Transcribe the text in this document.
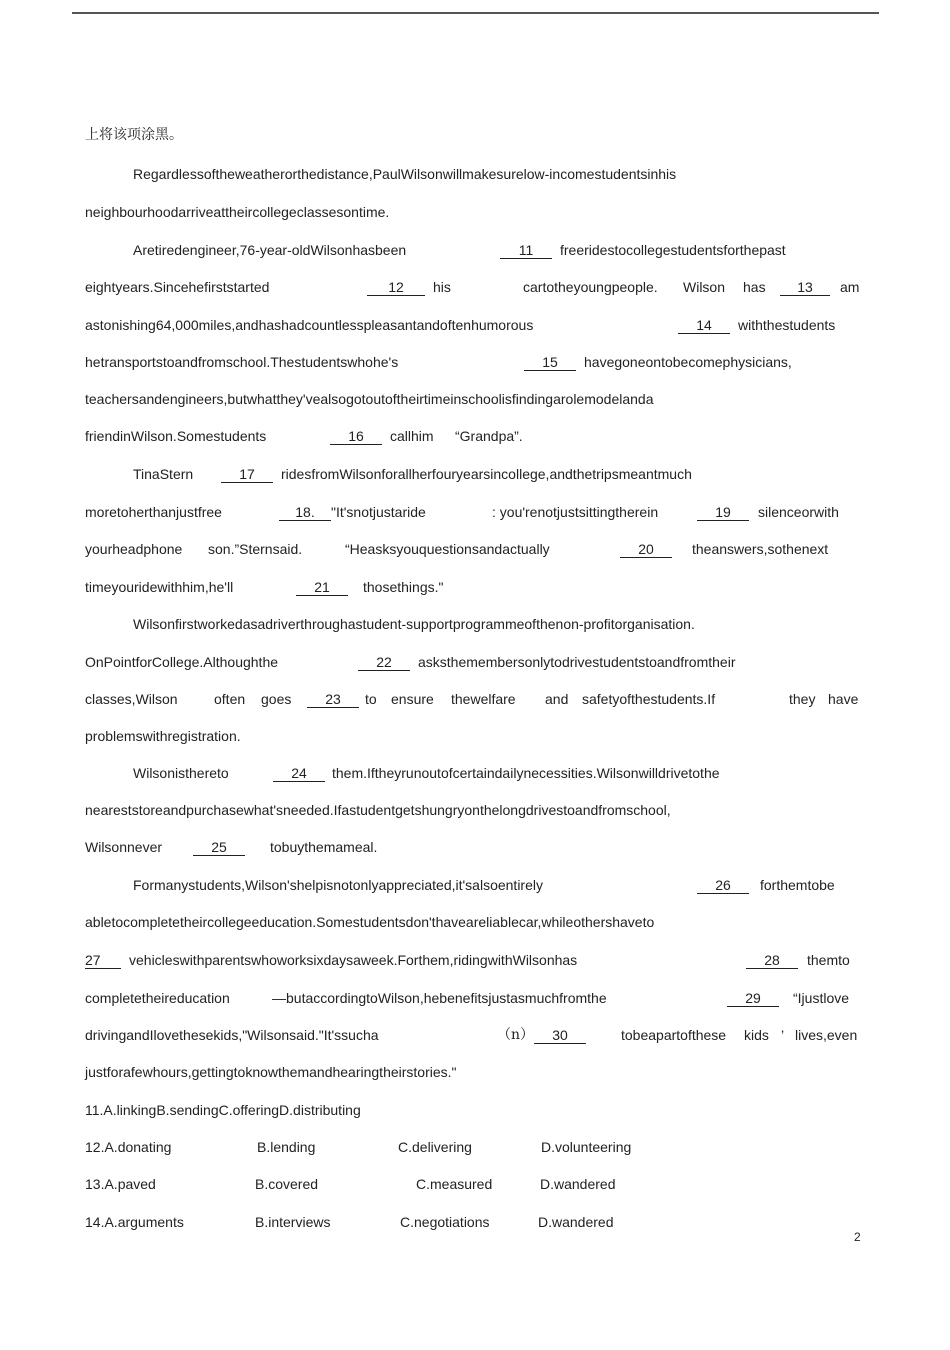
上将该项涂黑。
Regardlessoftheweatherorthedistance,PaulWilsonwillmakesurelow-incomestudentsinhis
neighbourhoodarriveattheircollegeclassesontime.
Aretiredengineer,76-year-oldWilsonhasbeen	11	freeridestocollegestudentsforthepast
eightyears.Sincehefirststarted	12	his	cartotheyoungpeople. Wilson has	13	am
astonishing64,000miles,andhashadcountlesspleasantandoftenhumorous	14	withthestudents
hetransportstoandfromschool.Thestudentswhohe's	15	havegoneontobecomephysicians,
teachersandengineers,butwhatthey'vealsogotoutoftheirtimeinschoolisfindingarolemodelanda
friendinWilson.Somestudents	16	callhim “Grandpa”.
TinaStern	17	ridesfromWilsonforallherfouryearsincollege,andthetripsmeantmuch
moretoherthanjustfree	18.	"It'snotjustaride	: you'renotjustsittingtherein	19	silenceorwith
yourheadphone son.”Sternsaid.	“Heasksyouquestionsandactually	20	theanswers,sothenext
timeyouridewithhim,he'll	21	thosethings."
Wilsonfirstworkedasadriverthroughastudent-supportprogrammeofthenon-profitorganisation.
OnPointforCollege.Althoughthe	22	asksthemembersonlytodrivestudentstoandfromtheir
classes,Wilson	often goes	23	to ensure thewelfare and safetyofthestudents.If	they have
problemswithregistration.
Wilsonistheretо	24	them.Iftheyrunoutofcertaindailynecessities.Wilsonwilldrivetothe
neareststoreandpurchasewhat'sneeded.Ifastudentgetshungryonthelongdrivestoandfromschool,
Wilsonnever	25	tobuythemameal.
Formanystudents,Wilson'shelpisnotonlyappreciated,it'salsoentirely	26	forthemtobe
abletocompletetheircollegeeducation.Somestudentsdon'thaveareliablecar,whileothershaveto
27	vehicleswithparentswhoworksixdaysaweek.Forthem,ridingwithWilsonhas	28	themto
completetheireducation	—butaccordingtoWilson,hebenefitsjustasmuchfromthe	29	“Ijustlove
drivingandIlovethesekids,"Wilsonsaid."It'ssucha	（n）	30	tobeapartofthese kids ’ lives,even
justforafewhours,gettingtoknowthemandhearingtheirstories."
11.A.linkingB.sendingC.offeringD.distributing
12.A.donating	B.lending	C.delivering	D.volunteering
13.A.paved	B.covered	C.measured	D.wandered
14.A.arguments	B.interviews	C.negotiations	D.wandered
2
